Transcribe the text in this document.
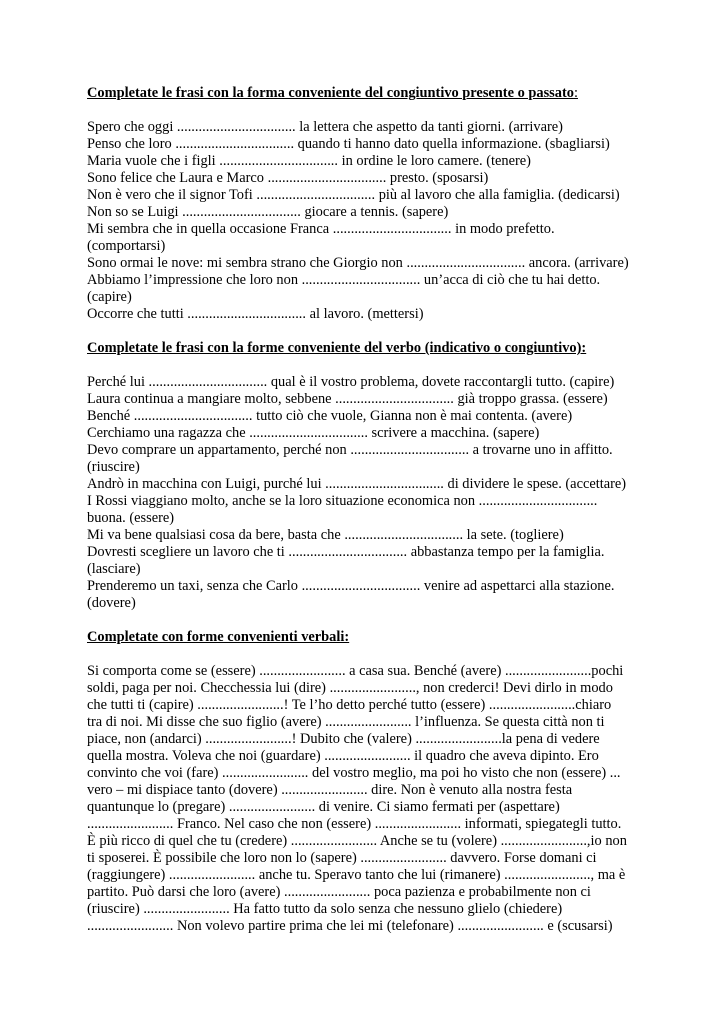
Completate le frasi con la forma conveniente del congiuntivo presente o passato:
Spero che oggi ................................. la lettera che aspetto da tanti giorni. (arrivare)
Penso che loro ................................. quando ti hanno dato quella informazione. (sbagliarsi)
Maria vuole che i figli ................................. in ordine le loro camere. (tenere)
Sono felice che Laura e Marco ................................. presto. (sposarsi)
Non è vero che il signor Tofi ................................. più al lavoro che alla famiglia. (dedicarsi)
Non so se Luigi ................................. giocare a tennis. (sapere)
Mi sembra che in quella occasione Franca ................................. in modo prefetto.
(comportarsi)
Sono ormai le nove: mi sembra strano che Giorgio non ................................. ancora. (arrivare)
Abbiamo l’impressione che loro non ................................. un’acca di ciò che tu hai detto.
(capire)
Occorre che tutti ................................. al lavoro. (mettersi)
Completate le frasi con la forme conveniente del verbo (indicativo o congiuntivo):
Perché lui ................................. qual è il vostro problema, dovete raccontargli tutto. (capire)
Laura continua a mangiare molto, sebbene ................................. già troppo grassa. (essere)
Benché ................................. tutto ciò che vuole, Gianna non è mai contenta. (avere)
Cerchiamo una ragazza che ................................. scrivere a macchina. (sapere)
Devo comprare un appartamento, perché non ................................. a trovarne uno in affitto.
(riuscire)
Andrò in macchina con Luigi, purché lui ................................. di dividere le spese. (accettare)
I Rossi viaggiano molto, anche se la loro situazione economica non .................................
buona. (essere)
Mi va bene qualsiasi cosa da bere, basta che ................................. la sete. (togliere)
Dovresti scegliere un lavoro che ti ................................. abbastanza tempo per la famiglia.
(lasciare)
Prenderemo un taxi, senza che Carlo ................................. venire ad aspettarci alla stazione.
(dovere)
Completate con forme convenienti verbali:
Si comporta come se (essere) ........................ a casa sua. Benché (avere) ........................pochi
soldi, paga per noi. Checchessia lui (dire) ........................, non crederci! Devi dirlo in modo
che tutti ti (capire) ........................! Te l’ho detto perché tutto (essere) ........................chiaro
tra di noi. Mi disse che suo figlio (avere) ........................ l’influenza. Se questa città non ti
piace, non (andarci) ........................! Dubito che (valere) ........................la pena di vedere
quella mostra. Voleva che noi (guardare) ........................ il quadro che aveva dipinto. Ero
convinto che voi (fare) ........................ del vostro meglio, ma poi ho visto che non (essere) ...
vero – mi dispiace tanto (dovere) ........................ dire. Non è venuto alla nostra festa
quantunque lo (pregare) ........................ di venire. Ci siamo fermati per (aspettare)
........................ Franco. Nel caso che non (essere) ........................ informati, spiegategli tutto.
È più ricco di quel che tu (credere) ........................ Anche se tu (volere) ........................,io non
ti sposerei. È possibile che loro non lo (sapere) ........................ davvero. Forse domani ci
(raggiungere) ........................ anche tu. Speravo tanto che lui (rimanere) ........................, ma è
partito. Può darsi che loro (avere) ........................ poca pazienza e probabilmente non ci
(riuscire) ........................ Ha fatto tutto da solo senza che nessuno glielo (chiedere)
........................ Non volevo partire prima che lei mi (telefonare) ........................ e (scusarsi)
